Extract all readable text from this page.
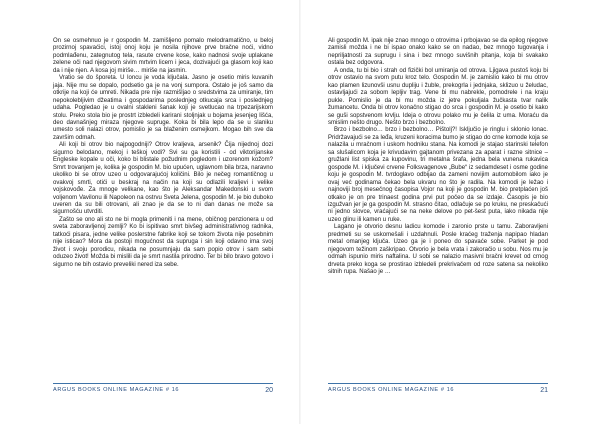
On se osmehnuo je r gospodin M. zamišljeno pomalo melodramatično, u beloj prozirnoj spavaćici, istoj onoj koju je nosila njihove prve bračne noći, vidno podmlađenu, zategnutog tela, rasute crvene kose, kako nadnosi svoje uplakane zelene oči nad njegovom sivim mrtvim licem i jeca, dozivajući ga glasom koji kao da i nije njen. A kosa joj miriše… miriše na jasmin.

Vratio se do šporeta. U loncu je voda ključala. Jasno je osetio miris kuvanih jaja. Nije mu se dopalo, podsetio ga je na vonj sumpora. Ostalo je još samo da otkrije na koji će umreti. Nikada pre nije razmišljao o sredstvima za umiranje, tim nepokolebljivim džeatima i gospodarima poslednjeg otkucaja srca i poslednjeg udaha. Pogledao je u ovalni stakleni šanak koji je svetlucao na trpezarijskom stolu. Preko stola bio je prostrt izbledeli karirani stoljnjak u bojama jesenjeg lišća, deo davnašnjeg miraza njegove supruge. Koka bi bila lepo da se u slaniku umesto soli nalazi otrov, pomislio je sa blaženim osmejkom. Mogao bih sve da završim odmah.

Ali koji bi otrov bio najpogodniji? Otrov kraljeva, arsenik? Čija nijednoj dozi sigurno belodano, mekoj i teškoj vodi? Svi su ga koristili - od viktorijanske Engleske kopale u oči, koko bi blistale požudnim pogledom i uzorenom kožom? Smrt trovanjem je, kolika je gospodin M. bio upućen, uglavnom bila brza, naravno ukoliko bi se otrov uzeo u odgovarajućoj količini. Bilo je nečeg romantičnog u ovakvoj smrti, otići u beskraj na način na koji su odlazili kraljevi i velike vojskovođe. Za mnoge velikane, kao što je Aleksandar Makedonski u svom voljenom Vavilonu ili Napoleon na ostrvu Sveta Jelena, gospodin M. je bio duboko uveren da su bili otrovani, ali znao je da se to ni dan danas ne može sa sigurnošću utvrditi.

Zašto se ono ali sto ne bi mogla primeniti i na mene, običnog penzionera u od sveta zaboravljenoj zemlji? Ko bi ispitivao smrt bivšeg administrativnog radnika, tatkoći pisara, jedne velike poslerstne fabrike koji se tokom života nije posebnim nije isticao? Mora da postoji mogućnost da supruga i sin koji odavno ima svoj život i svoju porodicu, nikada ne posumnjaju da sam popio otrov i sam sebi oduzeo život! Možda bi mislili da je smrt nastila prirodno. Ter bi bilo bravo gotovo i sigurno ne bih ostavio preveliki nered iza sebe.

ARGUS BOOKS ONLINE MAGAZINE # 16	20

Ali gospodin M. ipak nije znao mnogo o otrovima i prbojavao se da epilog njegove zamisli možda i ne bi ispao onako kako se on nadao, bez mnogo tugovanja i nepriljatnosti za suprugu i sina i bez mnogo suvišnih pitanja, koja bi svakako ostala bez odgovora.

A onda, tu bi bio i strah od fizički bol umiranja od otrova. Ljigava pustoš koju bi otrov ostavio na svom putu kroz telo. Gospodin M. je zamislio kako bi mu otrov kao plamen lizunovši usnu dupliju i žuble, prekogrla i jednjaka, sklizuo u želudac, ostavljajući za sobom lepljiv trag. Vene bi mu nabrekle, pomodrele i na kraju pukle. Pomislio je da bi mu možda iz jetre pokuljala žučkasta tvar nalik žumancetu. Onda bi otrov konačno stigao do srca i gospodin M. je osetio bi kako se guši sopstvenom krvlju. Ideja o otrovu polako mu je čelila iz uma. Moraću da smislim nešto drugo. Nešto brzo i bezbolno.

Brzo i bezbolno… brzo i bezbolno… Pištolj?! Isključio je ringlu i sklonio lonac. Pridržavajući se za leđa, kruzeni koracima bumo je stigao do crne komode koja se nalazila u mračnom i uskom hodniku stana. Na komodi je stajao starinski telefon sa slušalicom koja je krivudavim gajtanom privezana za aparat i razne sitnice – gružlani list spiska za kupovinu, tri metalna šrafa, jedna bela vunena rukavica gospode M. i ključevi crvene Folksvagenove „Bube“ iz sedamdeset i osme godine koju je gospodin M. tvrdoglavo odbijao da zameni novijim automobilom iako je ovaj već godinama čekao bela ukvaru no što je radila. Na komodi je ležao i najnoviji broj mesečnog časopisa Vojor na koji je gospodin M. bio pretplaćen još otkako je on pre trinaest godina prvi put počeo da se izdaje. Časopis je bio izgužvan jer je ga gospodin M. strasno čitao, odlačuje se po kruku, ne preskačući ni jedno slovce, vraćajući se na neke delove po pet-šest puta, iako nikada nije uzeo glinu ili kamen u ruke.

Lagano je otvorio desnu ladicu komode i zaronio prste u tamu. Zaboravljeni predmeti su se uskomešali i uzdahnuli. Posle kraćeg traženja napipao hladan metal omanjeg ključa. Uzeo ga je i poneo do spavaće sobe. Parket je pod njegovom težinom zaškripao. Otvorio je bela vrata i zakoračio u sobu. Nos mu je odmah ispunio miris naftalina. U sobi se nalazio masivni bračni krevet od crnog drveta preko koga se prostirao izbledeli prekrivačem od roze satena sa nekoliko sitnih rupa. Našao je …

ARGUS BOOKS ONLINE MAGAZINE # 16	21
